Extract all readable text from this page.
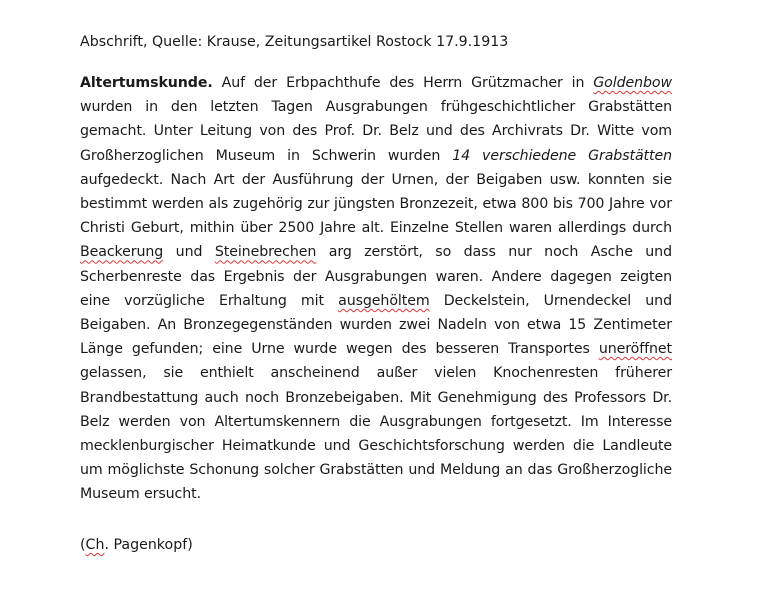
Abschrift, Quelle: Krause, Zeitungsartikel Rostock 17.9.1913

Altertumskunde. Auf der Erbpachthufe des Herrn Grützmacher in Goldenbow wurden in den letzten Tagen Ausgrabungen frühgeschichtlicher Grabstätten gemacht. Unter Leitung von des Prof. Dr. Belz und des Archivrats Dr. Witte vom Großherzoglichen Museum in Schwerin wurden 14 verschiedene Grabstätten aufgedeckt. Nach Art der Ausführung der Urnen, der Beigaben usw. konnten sie bestimmt werden als zugehörig zur jüngsten Bronzezeit, etwa 800 bis 700 Jahre vor Christi Geburt, mithin über 2500 Jahre alt. Einzelne Stellen waren allerdings durch Beackerung und Steinebrechen arg zerstört, so dass nur noch Asche und Scherbenreste das Ergebnis der Ausgrabungen waren. Andere dagegen zeigten eine vorzügliche Erhaltung mit ausgehöltem Deckelstein, Urnendeckel und Beigaben. An Bronzegegenständen wurden zwei Nadeln von etwa 15 Zentimeter Länge gefunden; eine Urne wurde wegen des besseren Transportes uneröffnet gelassen, sie enthielt anscheinend außer vielen Knochenresten früherer Brandbestattung auch noch Bronzebeigaben. Mit Genehmigung des Professors Dr. Belz werden von Altertumskennern die Ausgrabungen fortgesetzt. Im Interesse mecklenburgischer Heimatkunde und Geschichtsforschung werden die Landleute um möglichste Schonung solcher Grabstätten und Meldung an das Großherzogliche Museum ersucht.

(Ch. Pagenkopf)
